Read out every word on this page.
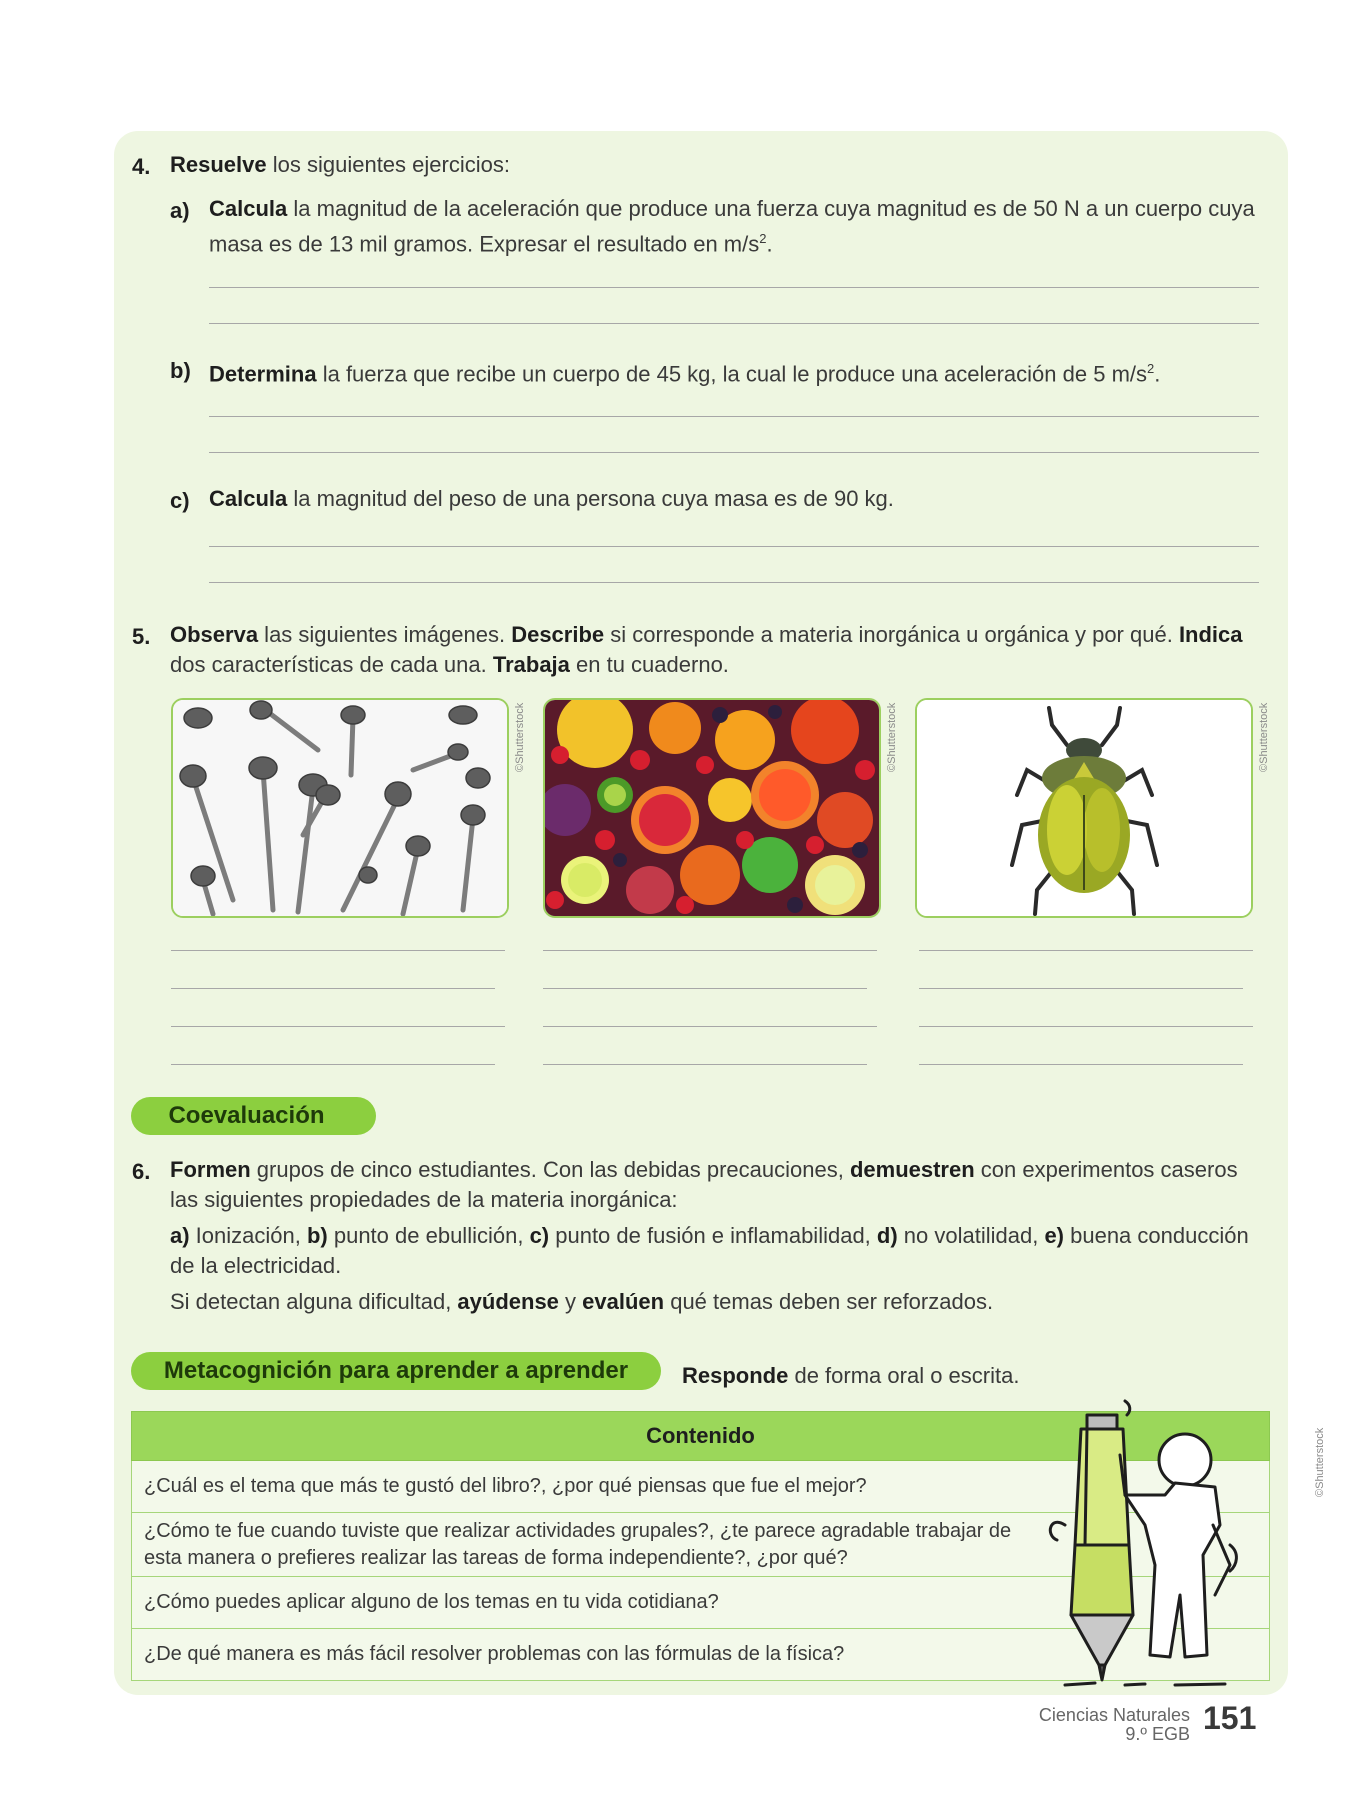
4. Resuelve los siguientes ejercicios:
a) Calcula la magnitud de la aceleración que produce una fuerza cuya magnitud es de 50 N a un cuerpo cuya masa es de 13 mil gramos. Expresar el resultado en $m/s^2$.
b) Determina la fuerza que recibe un cuerpo de 45 kg, la cual le produce una aceleración de 5 $m/s^2$.
c) Calcula la magnitud del peso de una persona cuya masa es de 90 kg.
5. Observa las siguientes imágenes. Describe si corresponde a materia inorgánica u orgánica y por qué. Indica dos características de cada una. Trabaja en tu cuaderno.
©Shutterstock	©Shutterstock	©Shutterstock
Coevaluación
6. Formen grupos de cinco estudiantes. Con las debidas precauciones, demuestren con experimentos caseros las siguientes propiedades de la materia inorgánica:
a) Ionización, b) punto de ebullición, c) punto de fusión e inflamabilidad, d) no volatilidad, e) buena conducción de la electricidad.
Si detectan alguna dificultad, ayúdense y evalúen qué temas deben ser reforzados.
Metacognición para aprender a aprender	Responde de forma oral o escrita.
Contenido
¿Cuál es el tema que más te gustó del libro?, ¿por qué piensas que fue el mejor?

¿Cómo te fue cuando tuviste que realizar actividades grupales?, ¿te parece agradable trabajar de esta manera o prefieres realizar las tareas de forma independiente?, ¿por qué?

¿Cómo puedes aplicar alguno de los temas en tu vida cotidiana?
¿De qué manera es más fácil resolver problemas con las fórmulas de la física?
©Shutterstock
Ciencias Naturales
9.º EGB 151
